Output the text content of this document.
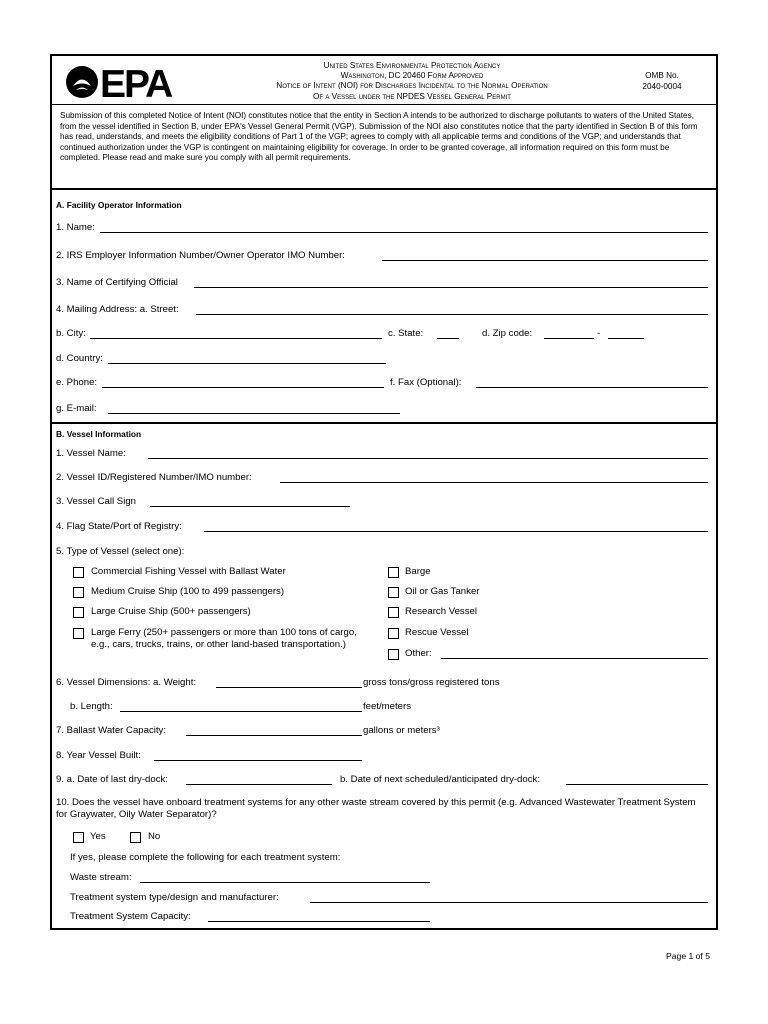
EPA	United States Environmental Protection Agency
Washington, DC 20460 Form Approved
Notice of Intent (NOI) for Discharges Incidental to the Normal Operation
Of a Vessel under the NPDES Vessel General Permit
OMB No.
2040-0004

Submission of this completed Notice of Intent (NOI) constitutes notice that the entity in Section A intends to be authorized to discharge pollutants to waters of the United States, from the vessel identified in Section B, under EPA's Vessel General Permit (VGP). Submission of the NOI also constitutes notice that the party identified in Section B of this form has read, understands, and meets the eligibility conditions of Part 1 of the VGP; agrees to comply with all applicable terms and conditions of the VGP; and understands that continued authorization under the VGP is contingent on maintaining eligibility for coverage. In order to be granted coverage, all information required on this form must be completed. Please read and make sure you comply with all permit requirements.

A. Facility Operator Information
1. Name:
2. IRS Employer Information Number/Owner Operator IMO Number:
3. Name of Certifying Official
4. Mailing Address: a. Street:
b. City:	c. State:	d. Zip code:	-
d. Country:
e. Phone:	f. Fax (Optional):
g. E-mail:
B. Vessel Information
1. Vessel Name:
2. Vessel ID/Registered Number/IMO number:
3. Vessel Call Sign
4. Flag State/Port of Registry:
5. Type of Vessel (select one):
Commercial Fishing Vessel with Ballast Water
Medium Cruise Ship (100 to 499 passengers)
Large Cruise Ship (500+ passengers)
Large Ferry (250+ passengers or more than 100 tons of cargo, e.g., cars, trucks, trains, or other land-based transportation.)
Barge
Oil or Gas Tanker
Research Vessel
Rescue Vessel
Other:
6. Vessel Dimensions: a. Weight:	gross tons/gross registered tons
b. Length:	feet/meters
7. Ballast Water Capacity:	gallons or meters³
8. Year Vessel Built:
9. a. Date of last dry-dock:	b. Date of next scheduled/anticipated dry-dock:
10. Does the vessel have onboard treatment systems for any other waste stream covered by this permit (e.g. Advanced Wastewater Treatment System for Graywater, Oily Water Separator)?
Yes	No
If yes, please complete the following for each treatment system:
Waste stream:
Treatment system type/design and manufacturer:
Treatment System Capacity:
Page 1 of 5
